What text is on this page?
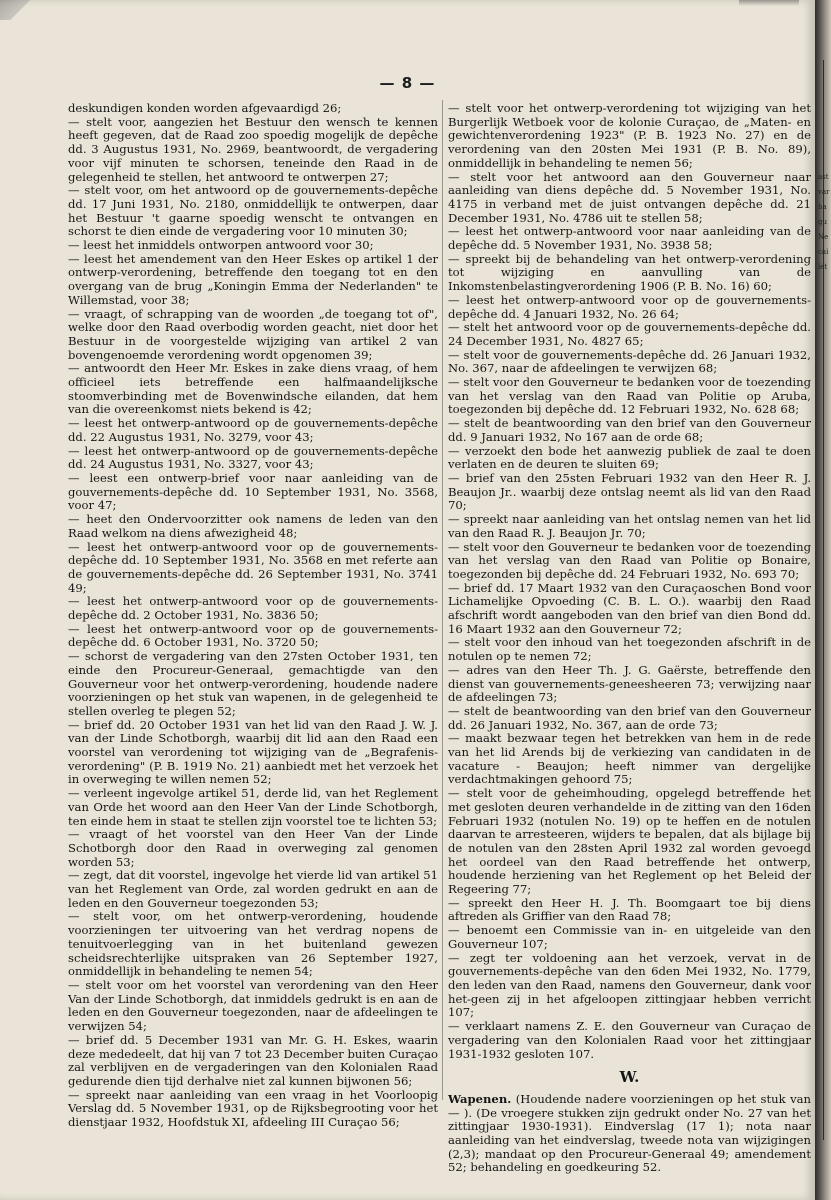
— 8 —

deskundigen konden worden afgevaardigd 26;

— stelt voor, aangezien het Bestuur den wensch te kennen heeft gegeven, dat de Raad zoo spoedig mogelijk de depêche dd. 3 Augustus 1931, No. 2969, beantwoordt, de vergadering voor vijf minuten te schorsen, teneinde den Raad in de gelegenheid te stellen, het antwoord te ontwerpen 27;

— stelt voor, om het antwoord op de gouvernements-depêche dd. 17 Juni 1931, No. 2180, onmiddellijk te ontwerpen, daar het Bestuur 't gaarne spoedig wenscht te ontvangen en schorst te dien einde de vergadering voor 10 minuten 30;

— leest het inmiddels ontworpen antwoord voor 30;

— leest het amendement van den Heer Eskes op artikel 1 der ontwerp-verordening, betreffende den toegang tot en den overgang van de brug „Koningin Emma der Nederlanden" te Willemstad, voor 38;

— vraagt, of schrapping van de woorden „de toegang tot of", welke door den Raad overbodig worden geacht, niet door het Bestuur in de voorgestelde wijziging van artikel 2 van bovengenoemde verordening wordt opgenomen 39;

— antwoordt den Heer Mr. Eskes in zake diens vraag, of hem officieel iets betreffende een halfmaandelijksche stoomverbinding met de Bovenwindsche eilanden, dat hem van die overeenkomst niets bekend is 42;

— leest het ontwerp-antwoord op de gouvernements-depêche dd. 22 Augustus 1931, No. 3279, voor 43;

— leest het ontwerp-antwoord op de gouvernements-depêche dd. 24 Augustus 1931, No. 3327, voor 43;

— leest een ontwerp-brief voor naar aanleiding van de gouvernements-depêche dd. 10 September 1931, No. 3568, voor 47;

— heet den Ondervoorzitter ook namens de leden van den Raad welkom na diens afwezigheid 48;

— leest het ontwerp-antwoord voor op de gouvernements-depêche dd. 10 September 1931, No. 3568 en met referte aan de gouvernements-depêche dd. 26 September 1931, No. 3741 49;

— leest het ontwerp-antwoord voor op de gouvernements-depêche dd. 2 October 1931, No. 3836 50;

— leest het ontwerp-antwoord voor op de gouvernements-depêche dd. 6 October 1931, No. 3720 50;

— schorst de vergadering van den 27sten October 1931, ten einde den Procureur-Generaal, gemachtigde van den Gouverneur voor het ontwerp-verordening, houdende nadere voorzieningen op het stuk van wapenen, in de gelegenheid te stellen overleg te plegen 52;

— brief dd. 20 October 1931 van het lid van den Raad J. W. J. van der Linde Schotborgh, waarbij dit lid aan den Raad een voorstel van verordening tot wijziging van de „Begrafenis-verordening" (P. B. 1919 No. 21) aanbiedt met het verzoek het in overweging te willen nemen 52;

— verleent ingevolge artikel 51, derde lid, van het Reglement van Orde het woord aan den Heer Van der Linde Schotborgh, ten einde hem in staat te stellen zijn voorstel toe te lichten 53;

— vraagt of het voorstel van den Heer Van der Linde Schotborgh door den Raad in overweging zal genomen worden 53;

— zegt, dat dit voorstel, ingevolge het vierde lid van artikel 51 van het Reglement van Orde, zal worden gedrukt en aan de leden en den Gouverneur toegezonden 53;

— stelt voor, om het ontwerp-verordening, houdende voorzieningen ter uitvoering van het verdrag nopens de tenuitvoerlegging van in het buitenland gewezen scheidsrechterlijke uitspraken van 26 September 1927, onmiddellijk in behandeling te nemen 54;

— stelt voor om het voorstel van verordening van den Heer Van der Linde Schotborgh, dat inmiddels gedrukt is en aan de leden en den Gouverneur toegezonden, naar de afdeelingen te verwijzen 54;

— brief dd. 5 December 1931 van Mr. G. H. Eskes, waarin deze mededeelt, dat hij van 7 tot 23 December buiten Curaçao zal verblijven en de vergaderingen van den Kolonialen Raad gedurende dien tijd derhalve niet zal kunnen bijwonen 56;

— spreekt naar aanleiding van een vraag in het Voorloopig Verslag dd. 5 November 1931, op de Rijksbegrooting voor het dienstjaar 1932, Hoofdstuk XI, afdeeling III Curaçao 56;

— stelt voor het ontwerp-verordening tot wijziging van het Burgerlijk Wetboek voor de kolonie Curaçao, de „Maten- en gewichtenverordening 1923" (P. B. 1923 No. 27) en de verordening van den 20sten Mei 1931 (P. B. No. 89), onmiddellijk in behandeling te nemen 56;

— stelt voor het antwoord aan den Gouverneur naar aanleiding van diens depêche dd. 5 November 1931, No. 4175 in verband met de juist ontvangen depêche dd. 21 December 1931, No. 4786 uit te stellen 58;

— leest het ontwerp-antwoord voor naar aanleiding van de depêche dd. 5 November 1931, No. 3938 58;

— spreekt bij de behandeling van het ontwerp-verordening tot wijziging en aanvulling van de Inkomstenbelastingverordening 1906 (P. B. No. 16) 60;

— leest het ontwerp-antwoord voor op de gouvernements-depêche dd. 4 Januari 1932, No. 26 64;

— stelt het antwoord voor op de gouvernements-depêche dd. 24 December 1931, No. 4827 65;

— stelt voor de gouvernements-depêche dd. 26 Januari 1932, No. 367, naar de afdeelingen te verwijzen 68;

— stelt voor den Gouverneur te bedanken voor de toezending van het verslag van den Raad van Politie op Aruba, toegezonden bij depêche dd. 12 Februari 1932, No. 628 68;

— stelt de beantwoording van den brief van den Gouverneur dd. 9 Januari 1932, No 167 aan de orde 68;

— verzoekt den bode het aanwezig publiek de zaal te doen verlaten en de deuren te sluiten 69;

— brief van den 25sten Februari 1932 van den Heer R. J. Beaujon Jr.. waarbij deze ontslag neemt als lid van den Raad 70;

— spreekt naar aanleiding van het ontslag nemen van het lid van den Raad R. J. Beaujon Jr. 70;

— stelt voor den Gouverneur te bedanken voor de toezending van het verslag van den Raad van Politie op Bonaire, toegezonden bij depêche dd. 24 Februari 1932, No. 693 70;

— brief dd. 17 Maart 1932 van den Curaçaoschen Bond voor Lichamelijke Opvoeding (C. B. L. O.). waarbij den Raad afschrift wordt aangeboden van den brief van dien Bond dd. 16 Maart 1932 aan den Gouverneur 72;

— stelt voor den inhoud van het toegezonden afschrift in de notulen op te nemen 72;

— adres van den Heer Th. J. G. Gaërste, betreffende den dienst van gouvernements-geneesheeren 73; verwijzing naar de afdeelingen 73;

— stelt de beantwoording van den brief van den Gouverneur dd. 26 Januari 1932, No. 367, aan de orde 73;

— maakt bezwaar tegen het betrekken van hem in de rede van het lid Arends bij de verkiezing van candidaten in de vacature - Beaujon; heeft nimmer van dergelijke verdachtmakingen gehoord 75;

— stelt voor de geheimhouding, opgelegd betreffende het met gesloten deuren verhandelde in de zitting van den 16den Februari 1932 (notulen No. 19) op te heffen en de notulen daarvan te arresteeren, wijders te bepalen, dat als bijlage bij de notulen van den 28sten April 1932 zal worden gevoegd het oordeel van den Raad betreffende het ontwerp, houdende herziening van het Reglement op het Beleid der Regeering 77;

— spreekt den Heer H. J. Th. Boomgaart toe bij diens aftreden als Griffier van den Raad 78;

— benoemt een Commissie van in- en uitgeleide van den Gouverneur 107;

— zegt ter voldoening aan het verzoek, vervat in de gouvernements-depêche van den 6den Mei 1932, No. 1779, den leden van den Raad, namens den Gouverneur, dank voor het-geen zij in het afgeloopen zittingjaar hebben verricht 107;

— verklaart namens Z. E. den Gouverneur van Curaçao de vergadering van den Kolonialen Raad voor het zittingjaar 1931-1932 gesloten 107.

W.

Wapenen. (Houdende nadere voorzieningen op het stuk van — ). (De vroegere stukken zijn gedrukt onder No. 27 van het zittingjaar 1930-1931). Eindverslag (17 1); nota naar aanleiding van het eindverslag, tweede nota van wijzigingen (2,3); mandaat op den Procureur-Generaal 49; amendement 52; behandeling en goedkeuring 52.

ast var ha gu Ne cai let
